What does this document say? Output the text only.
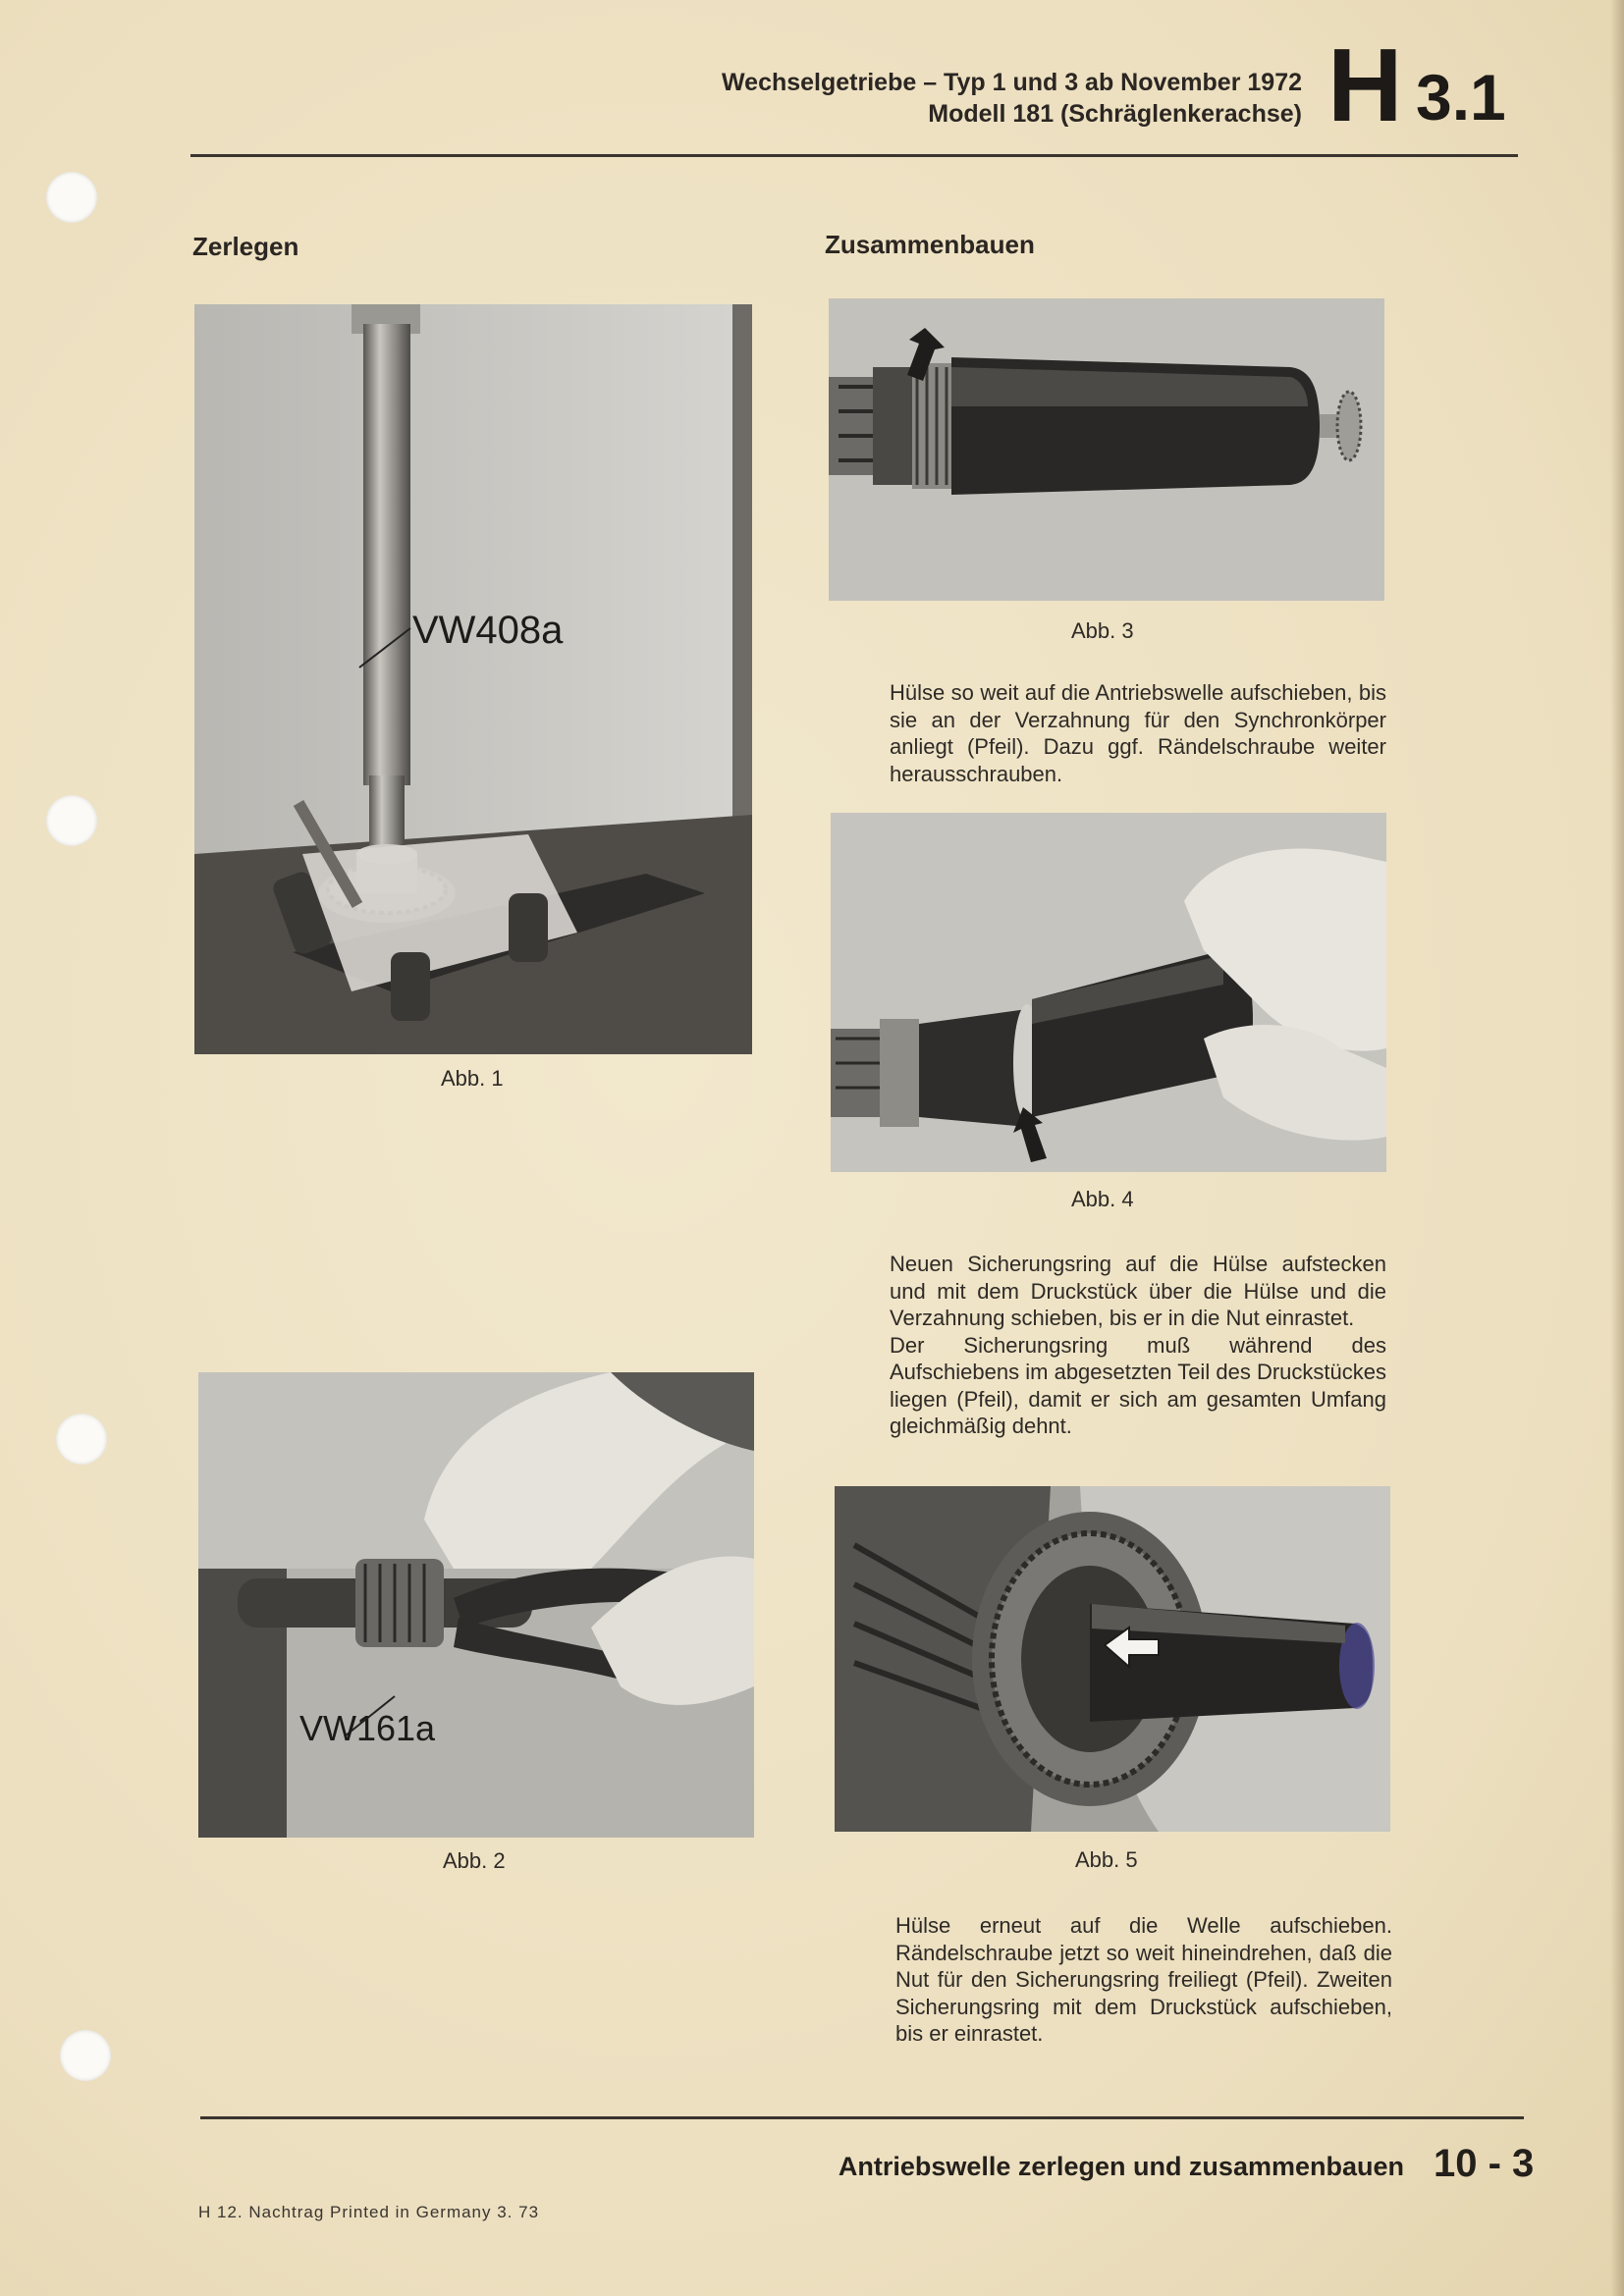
Wechselgetriebe – Typ 1 und 3 ab November 1972
Modell 181 (Schräglenkerachse) H 3.1
Zerlegen	Zusammenbauen
VW408a
Abb. 1
VW161a
Abb. 2
Abb. 3

Hülse so weit auf die Antriebswelle aufschieben, bis sie an der Verzahnung für den Synchronkörper anliegt (Pfeil). Dazu ggf. Rändelschraube weiter herausschrauben.

Abb. 4

Neuen Sicherungsring auf die Hülse aufstecken und mit dem Druckstück über die Hülse und die Verzahnung schieben, bis er in die Nut einrastet.

Der Sicherungsring muß während des Aufschiebens im abgesetzten Teil des Druckstückes liegen (Pfeil), damit er sich am gesamten Umfang gleichmäßig dehnt.

Abb. 5

Hülse erneut auf die Welle aufschieben. Rändelschraube jetzt so weit hineindrehen, daß die Nut für den Sicherungsring freiliegt (Pfeil). Zweiten Sicherungsring mit dem Druckstück aufschieben, bis er einrastet.

Antriebswelle zerlegen und zusammenbauen 10 - 3
H 12. Nachtrag Printed in Germany 3. 73
